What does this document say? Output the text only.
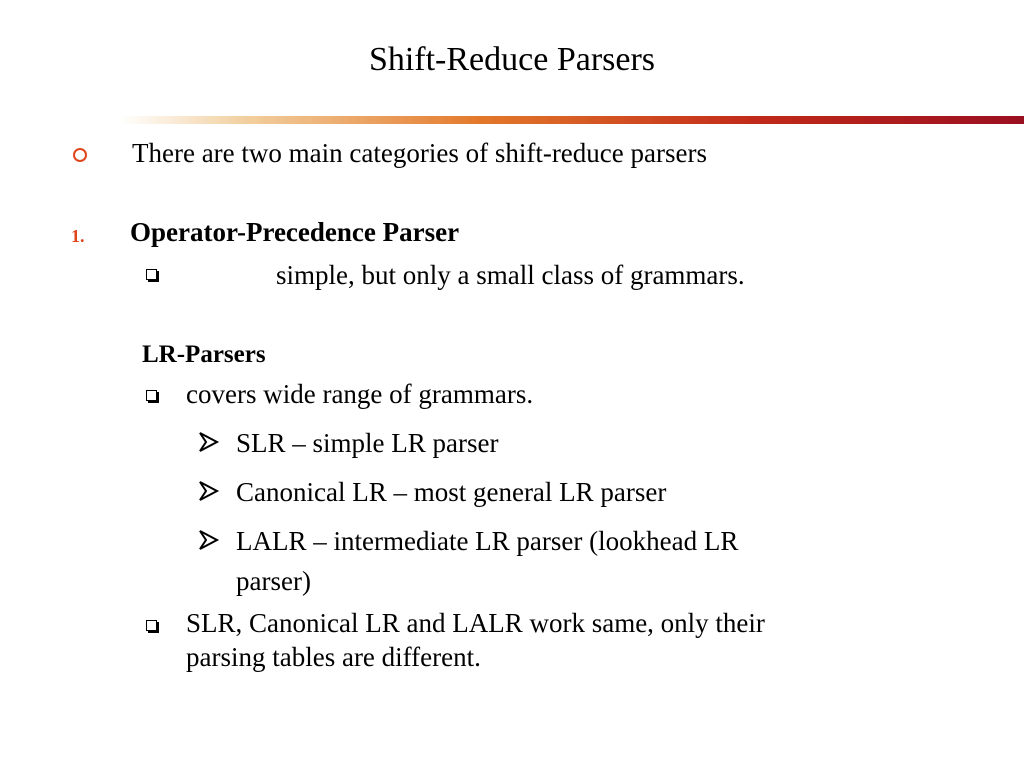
Shift-Reduce Parsers
There are two main categories of shift-reduce parsers
1. Operator-Precedence Parser
simple, but only a small class of grammars.
LR-Parsers
covers wide range of grammars.
SLR – simple LR parser
Canonical LR – most general LR parser
LALR – intermediate LR parser (lookhead LR
parser)
SLR, Canonical LR and LALR work same, only their
parsing tables are different.
